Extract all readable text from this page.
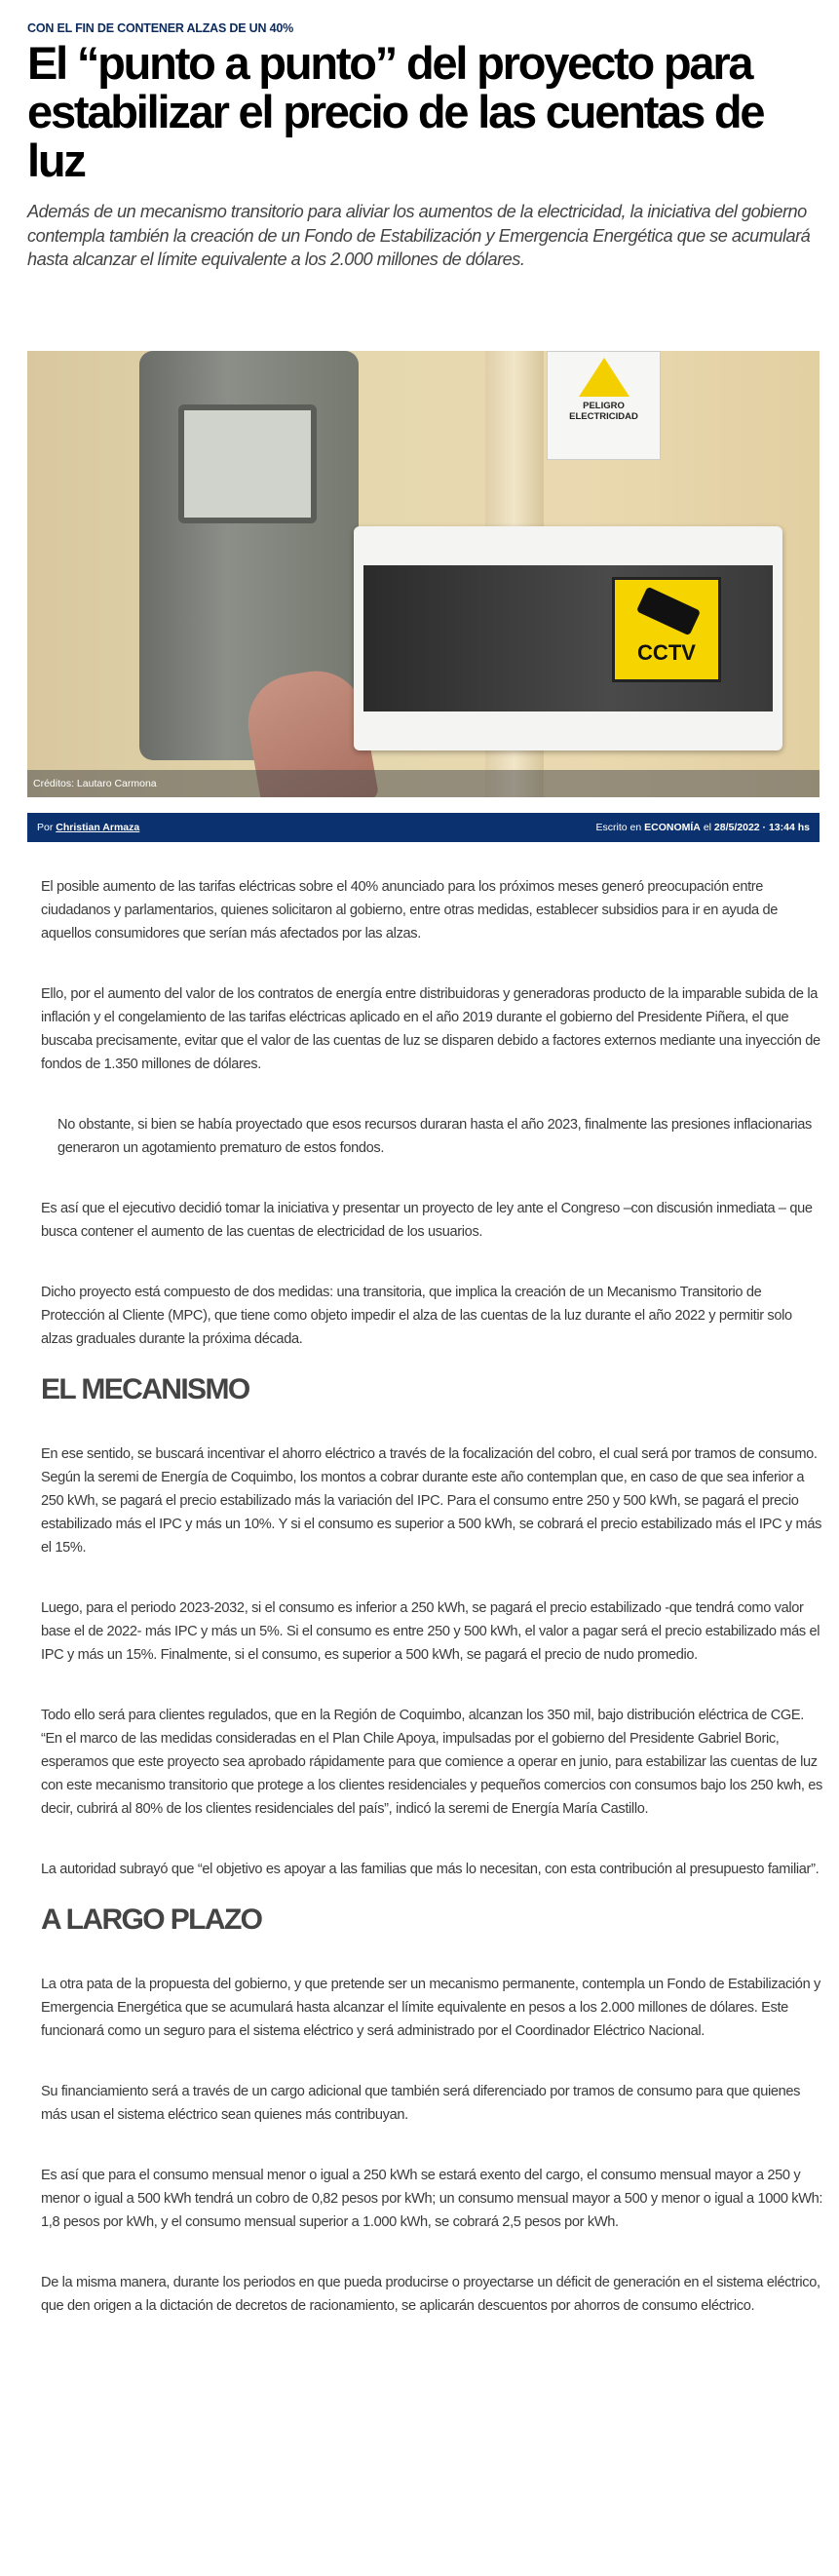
CON EL FIN DE CONTENER ALZAS DE UN 40%
El “punto a punto” del proyecto para estabilizar el precio de las cuentas de luz

Además de un mecanismo transitorio para aliviar los aumentos de la electricidad, la iniciativa del gobierno contempla también la creación de un Fondo de Estabilización y Emergencia Energética que se acumulará hasta alcanzar el límite equivalente a los 2.000 millones de dólares.

PELIGRO ELECTRICIDAD
CCTV
Créditos: Lautaro Carmona
Por Christian Armaza	Escrito en ECONOMÍA el 28/5/2022 · 13:44 hs

El posible aumento de las tarifas eléctricas sobre el 40% anunciado para los próximos meses generó preocupación entre ciudadanos y parlamentarios, quienes solicitaron al gobierno, entre otras medidas, establecer subsidios para ir en ayuda de aquellos consumidores que serían más afectados por las alzas.

Ello, por el aumento del valor de los contratos de energía entre distribuidoras y generadoras producto de la imparable subida de la inflación y el congelamiento de las tarifas eléctricas aplicado en el año 2019 durante el gobierno del Presidente Piñera, el que buscaba precisamente, evitar que el valor de las cuentas de luz se disparen debido a factores externos mediante una inyección de fondos de 1.350 millones de dólares.

No obstante, si bien se había proyectado que esos recursos duraran hasta el año 2023, finalmente las presiones inflacionarias generaron un agotamiento prematuro de estos fondos.

Es así que el ejecutivo decidió tomar la iniciativa y presentar un proyecto de ley ante el Congreso –con discusión inmediata – que busca contener el aumento de las cuentas de electricidad de los usuarios.

Dicho proyecto está compuesto de dos medidas: una transitoria, que implica la creación de un Mecanismo Transitorio de Protección al Cliente (MPC), que tiene como objeto impedir el alza de las cuentas de la luz durante el año 2022 y permitir solo alzas graduales durante la próxima década.

EL MECANISMO

En ese sentido, se buscará incentivar el ahorro eléctrico a través de la focalización del cobro, el cual será por tramos de consumo.

Según la seremi de Energía de Coquimbo, los montos a cobrar durante este año contemplan que, en caso de que sea inferior a 250 kWh, se pagará el precio estabilizado más la variación del IPC. Para el consumo entre 250 y 500 kWh, se pagará el precio estabilizado más el IPC y más un 10%. Y si el consumo es superior a 500 kWh, se cobrará el precio estabilizado más el IPC y más el 15%.

Luego, para el periodo 2023-2032, si el consumo es inferior a 250 kWh, se pagará el precio estabilizado -que tendrá como valor base el de 2022- más IPC y más un 5%. Si el consumo es entre 250 y 500 kWh, el valor a pagar será el precio estabilizado más el IPC y más un 15%. Finalmente, si el consumo, es superior a 500 kWh, se pagará el precio de nudo promedio.

Todo ello será para clientes regulados, que en la Región de Coquimbo, alcanzan los 350 mil, bajo distribución eléctrica de CGE.

“En el marco de las medidas consideradas en el Plan Chile Apoya, impulsadas por el gobierno del Presidente Gabriel Boric, esperamos que este proyecto sea aprobado rápidamente para que comience a operar en junio, para estabilizar las cuentas de luz con este mecanismo transitorio que protege a los clientes residenciales y pequeños comercios con consumos bajo los 250 kwh, es decir, cubrirá al 80% de los clientes residenciales del país”, indicó la seremi de Energía María Castillo.

La autoridad subrayó que “el objetivo es apoyar a las familias que más lo necesitan, con esta contribución al presupuesto familiar”.

A LARGO PLAZO

La otra pata de la propuesta del gobierno, y que pretende ser un mecanismo permanente, contempla un Fondo de Estabilización y Emergencia Energética que se acumulará hasta alcanzar el límite equivalente en pesos a los 2.000 millones de dólares. Este funcionará como un seguro para el sistema eléctrico y será administrado por el Coordinador Eléctrico Nacional.

Su financiamiento será a través de un cargo adicional que también será diferenciado por tramos de consumo para que quienes más usan el sistema eléctrico sean quienes más contribuyan.

Es así que para el consumo mensual menor o igual a 250 kWh se estará exento del cargo, el consumo mensual mayor a 250 y menor o igual a 500 kWh tendrá un cobro de 0,82 pesos por kWh; un consumo mensual mayor a 500 y menor o igual a 1000 kWh: 1,8 pesos por kWh, y el consumo mensual superior a 1.000 kWh, se cobrará 2,5 pesos por kWh.

De la misma manera, durante los periodos en que pueda producirse o proyectarse un déficit de generación en el sistema eléctrico, que den origen a la dictación de decretos de racionamiento, se aplicarán descuentos por ahorros de consumo eléctrico.
